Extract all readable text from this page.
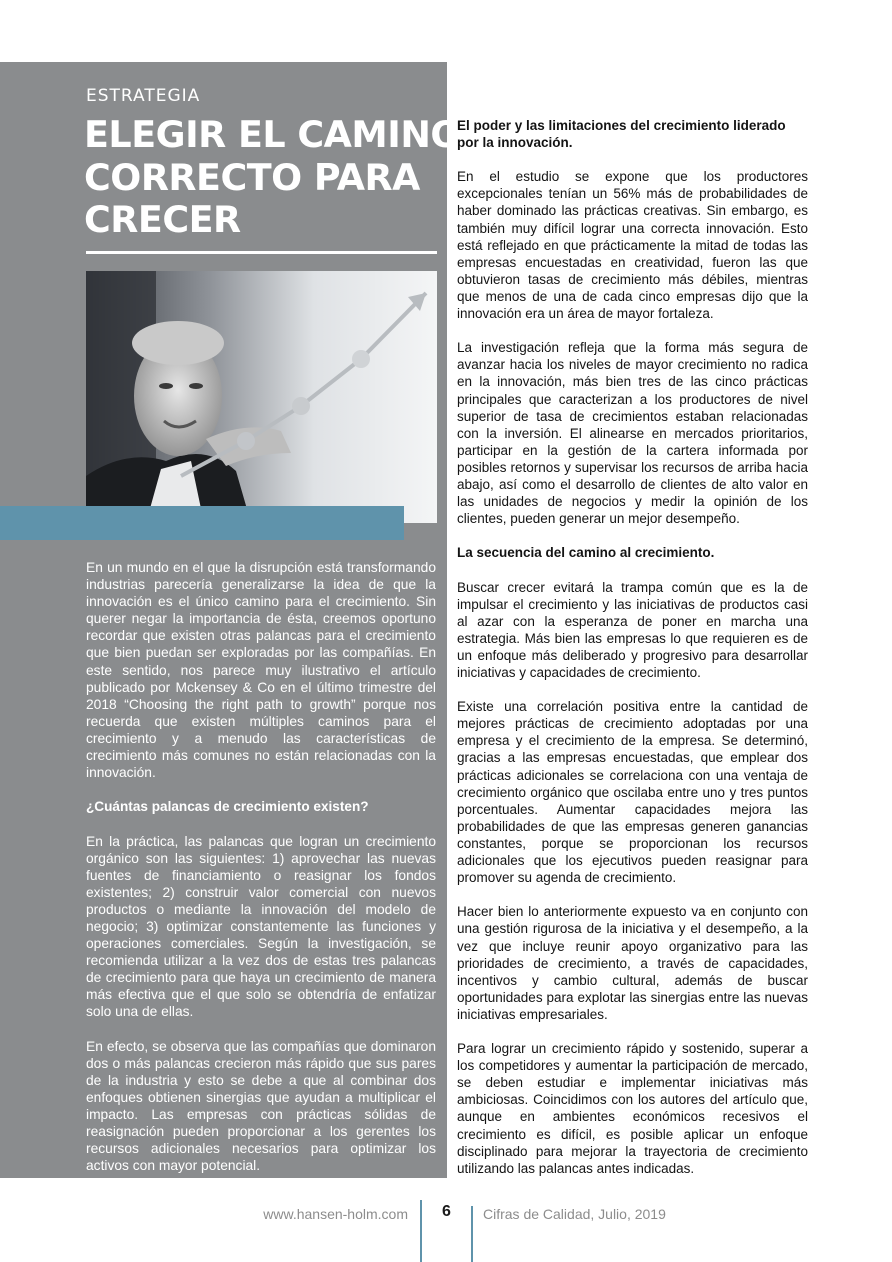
ESTRATEGIA
ELEGIR EL CAMINO
CORRECTO PARA
CRECER

En un mundo en el que la disrupción está transformando industrias parecería generalizarse la idea de que la innovación es el único camino para el crecimiento. Sin querer negar la importancia de ésta, creemos oportuno recordar que existen otras palancas para el crecimiento que bien puedan ser exploradas por las compañías. En este sentido, nos parece muy ilustrativo el artículo publicado por Mckensey & Co en el último trimestre del 2018 “Choosing the right path to growth” porque nos recuerda que existen múltiples caminos para el crecimiento y a menudo las características de crecimiento más comunes no están relacionadas con la innovación.

¿Cuántas palancas de crecimiento existen?

En la práctica, las palancas que logran un crecimiento orgánico son las siguientes: 1) aprovechar las nuevas fuentes de financiamiento o reasignar los fondos existentes; 2) construir valor comercial con nuevos productos o mediante la innovación del modelo de negocio; 3) optimizar constantemente las funciones y operaciones comerciales. Según la investigación, se recomienda utilizar a la vez dos de estas tres palancas de crecimiento para que haya un crecimiento de manera más efectiva que el que solo se obtendría de enfatizar solo una de ellas.

En efecto, se observa que las compañías que dominaron dos o más palancas crecieron más rápido que sus pares de la industria y esto se debe a que al combinar dos enfoques obtienen sinergias que ayudan a multiplicar el impacto. Las empresas con prácticas sólidas de reasignación pueden proporcionar a los gerentes los recursos adicionales necesarios para optimizar los activos con mayor potencial.

El poder y las limitaciones del crecimiento liderado por la innovación.

En el estudio se expone que los productores excepcionales tenían un 56% más de probabilidades de haber dominado las prácticas creativas. Sin embargo, es también muy difícil lograr una correcta innovación. Esto está reflejado en que prácticamente la mitad de todas las empresas encuestadas en creatividad, fueron las que obtuvieron tasas de crecimiento más débiles, mientras que menos de una de cada cinco empresas dijo que la innovación era un área de mayor fortaleza.

La investigación refleja que la forma más segura de avanzar hacia los niveles de mayor crecimiento no radica en la innovación, más bien tres de las cinco prácticas principales que caracterizan a los productores de nivel superior de tasa de crecimientos estaban relacionadas con la inversión. El alinearse en mercados prioritarios, participar en la gestión de la cartera informada por posibles retornos y supervisar los recursos de arriba hacia abajo, así como el desarrollo de clientes de alto valor en las unidades de negocios y medir la opinión de los clientes, pueden generar un mejor desempeño.

La secuencia del camino al crecimiento.

Buscar crecer evitará la trampa común que es la de impulsar el crecimiento y las iniciativas de productos casi al azar con la esperanza de poner en marcha una estrategia. Más bien las empresas lo que requieren es de un enfoque más deliberado y progresivo para desarrollar iniciativas y capacidades de crecimiento.

Existe una correlación positiva entre la cantidad de mejores prácticas de crecimiento adoptadas por una empresa y el crecimiento de la empresa. Se determinó, gracias a las empresas encuestadas, que emplear dos prácticas adicionales se correlaciona con una ventaja de crecimiento orgánico que oscilaba entre uno y tres puntos porcentuales. Aumentar capacidades mejora las probabilidades de que las empresas generen ganancias constantes, porque se proporcionan los recursos adicionales que los ejecutivos pueden reasignar para promover su agenda de crecimiento.

Hacer bien lo anteriormente expuesto va en conjunto con una gestión rigurosa de la iniciativa y el desempeño, a la vez que incluye reunir apoyo organizativo para las prioridades de crecimiento, a través de capacidades, incentivos y cambio cultural, además de buscar oportunidades para explotar las sinergias entre las nuevas iniciativas empresariales.

Para lograr un crecimiento rápido y sostenido, superar a los competidores y aumentar la participación de mercado, se deben estudiar e implementar iniciativas más ambiciosas. Coincidimos con los autores del artículo que, aunque en ambientes económicos recesivos el crecimiento es difícil, es posible aplicar un enfoque disciplinado para mejorar la trayectoria de crecimiento utilizando las palancas antes indicadas.

www.hansen-holm.com	6	Cifras de Calidad, Julio, 2019
